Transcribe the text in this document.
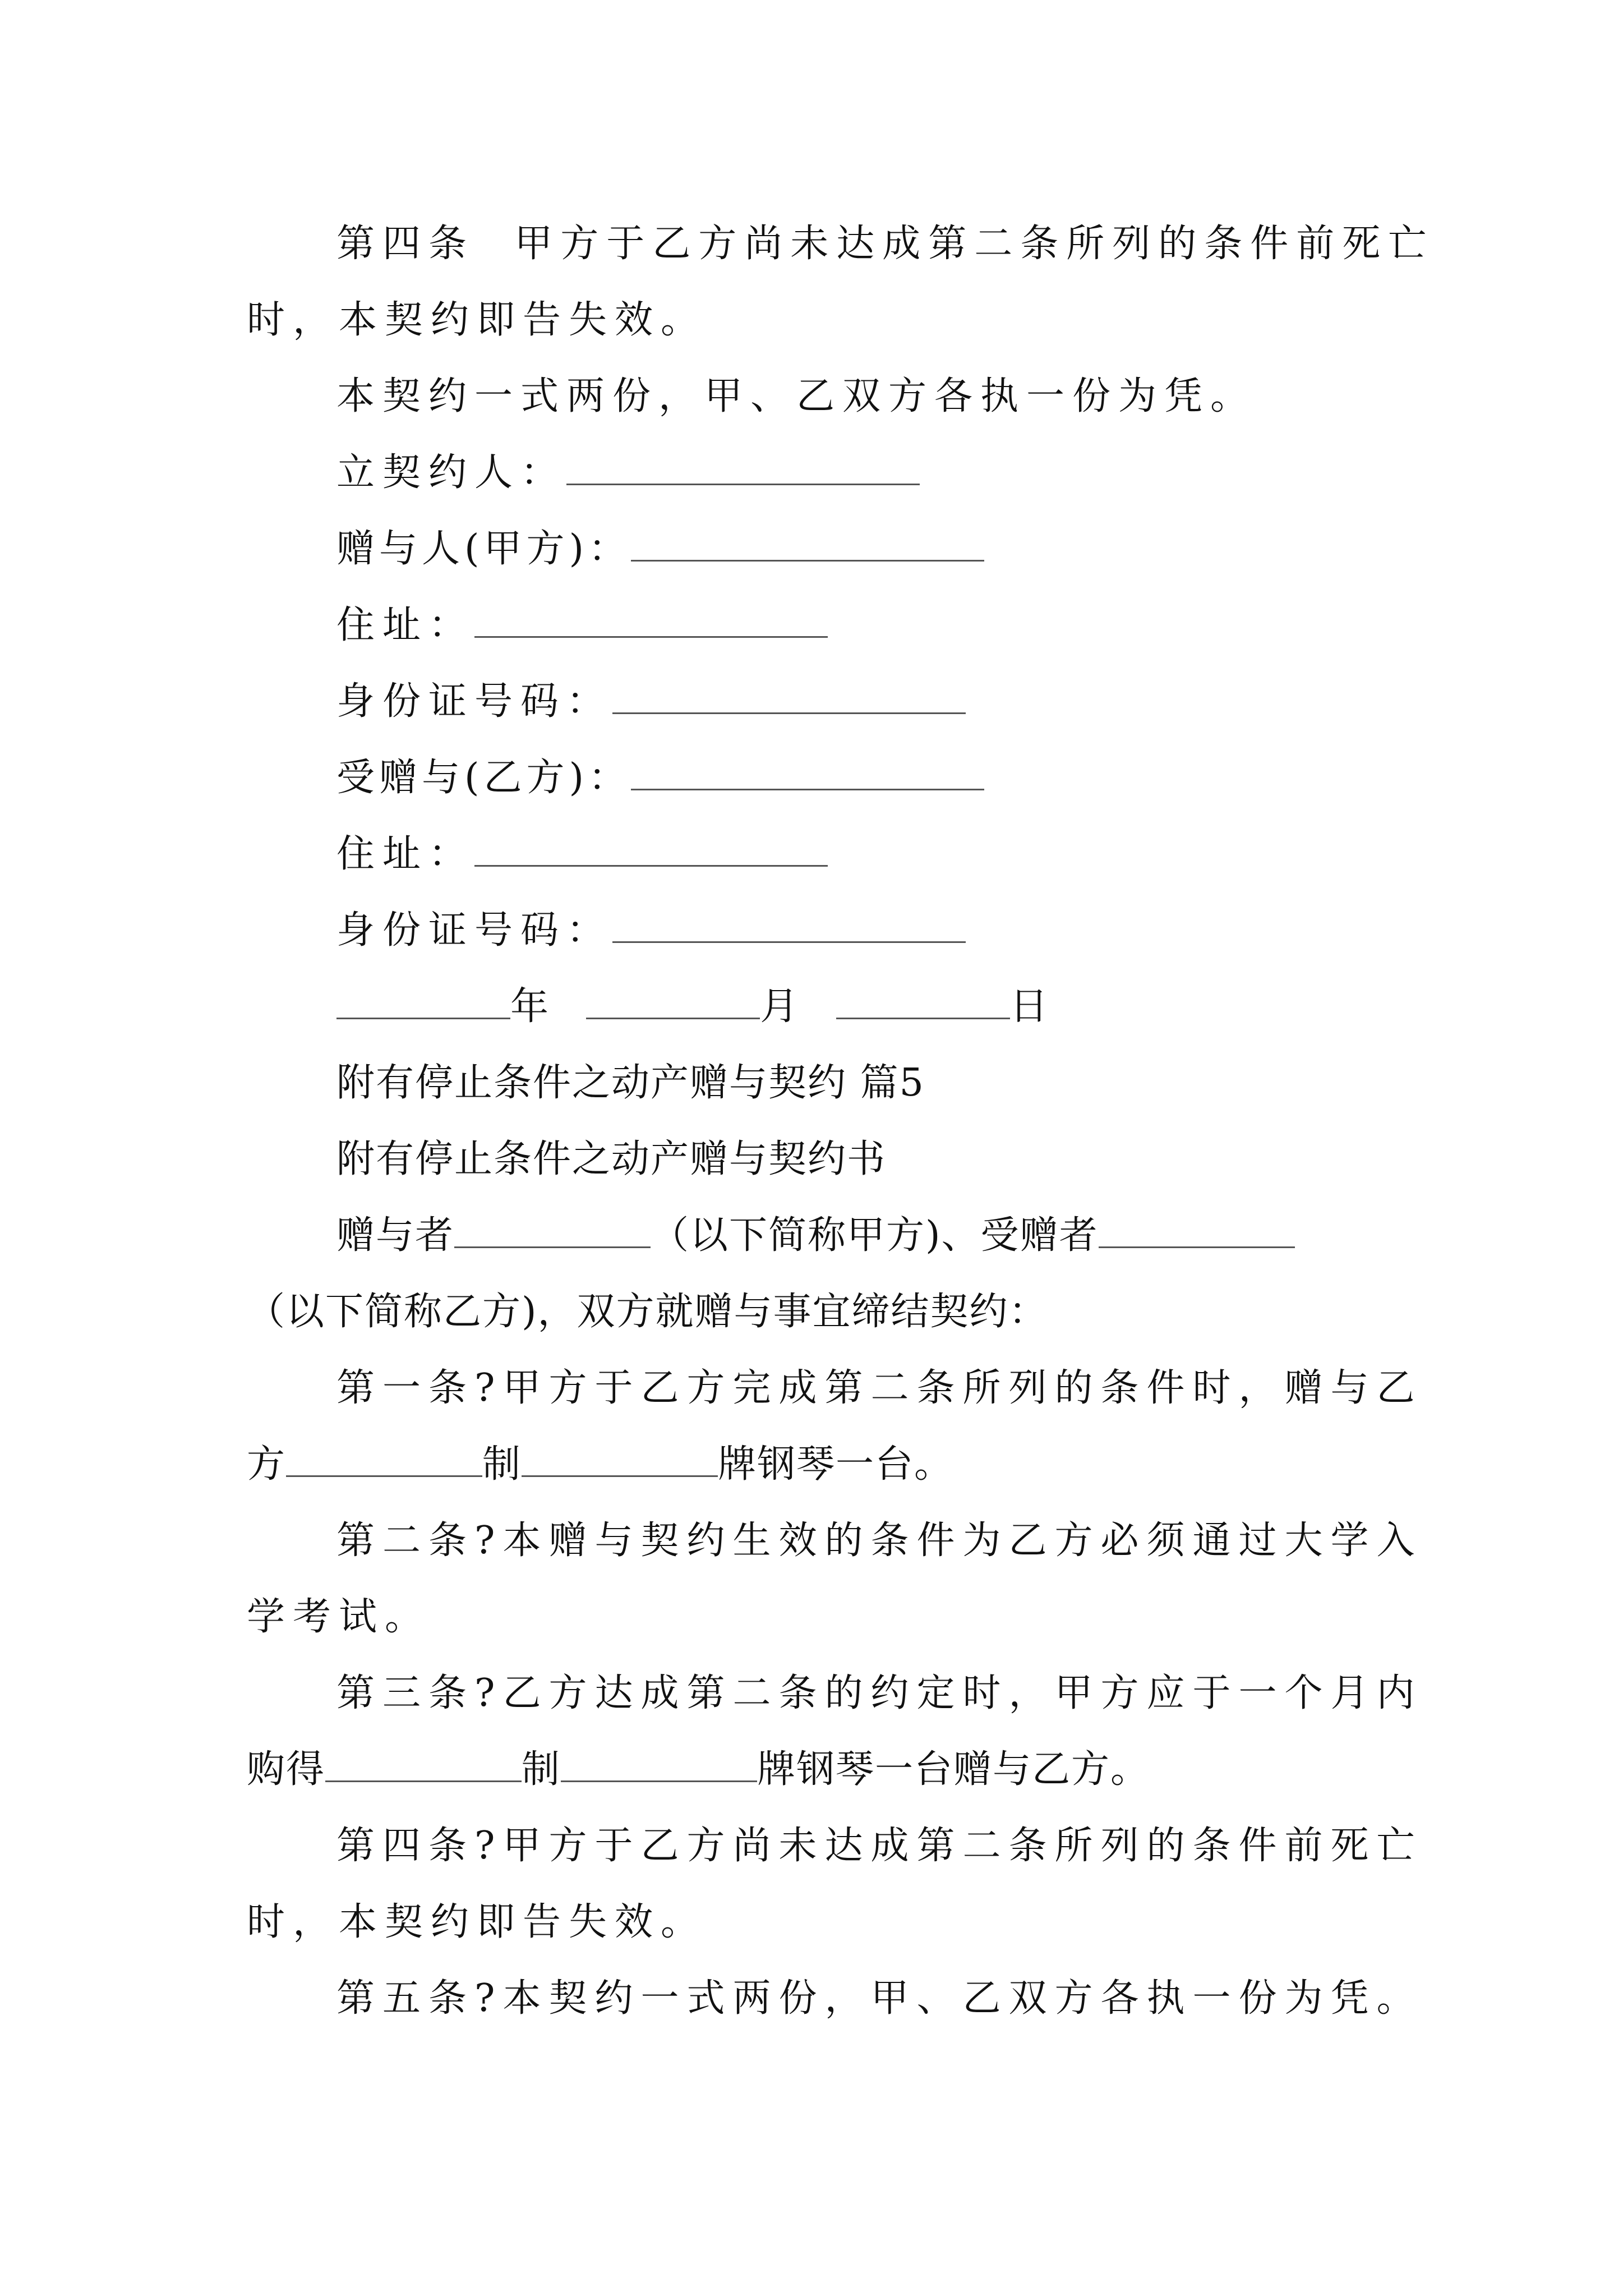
第四条  甲方于乙方尚未达成第二条所列的条件前死亡
时，本契约即告失效。
本契约一式两份，甲、乙双方各执一份为凭。
立契约人：
赠与人(甲方)：
住址：
身份证号码：
受赠与(乙方)：
住址：
身份证号码：
年	月	日
附有停止条件之动产赠与契约 篇5
附有停止条件之动产赠与契约书
赠与者	（以下简称甲方)、受赠者
（以下简称乙方)，双方就赠与事宜缔结契约：
第一条?甲方于乙方完成第二条所列的条件时，赠与乙
方	制	牌钢琴一台。
第二条?本赠与契约生效的条件为乙方必须通过大学入
学考试。
第三条?乙方达成第二条的约定时，甲方应于一个月内
购得	制	牌钢琴一台赠与乙方。
第四条?甲方于乙方尚未达成第二条所列的条件前死亡
时，本契约即告失效。
第五条?本契约一式两份，甲、乙双方各执一份为凭。
